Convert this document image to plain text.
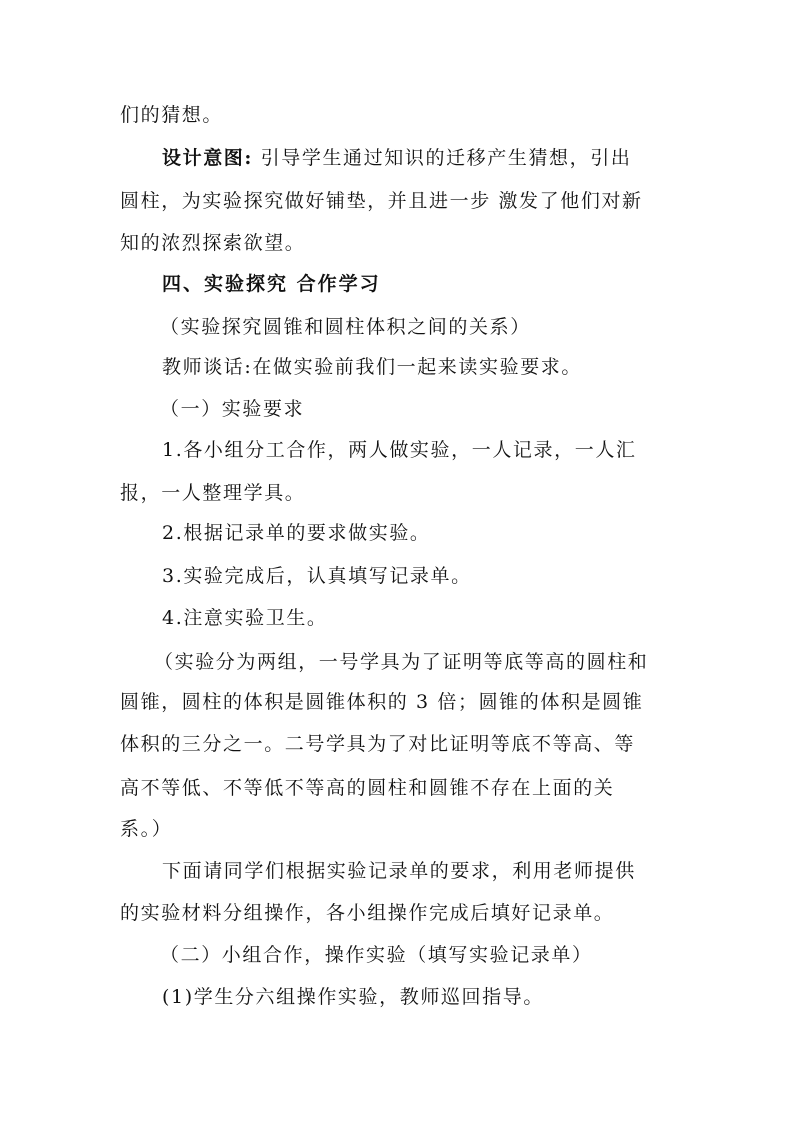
们的猜想。
设计意图: 引导学生通过知识的迁移产生猜想，引出
圆柱，为实验探究做好铺垫，并且进一步 激发了他们对新
知的浓烈探索欲望。
四、实验探究 合作学习
（实验探究圆锥和圆柱体积之间的关系）
教师谈话:在做实验前我们一起来读实验要求。
（一）实验要求
1.各小组分工合作，两人做实验，一人记录，一人汇
报，一人整理学具。
2.根据记录单的要求做实验。
3.实验完成后，认真填写记录单。
4.注意实验卫生。
（实验分为两组，一号学具为了证明等底等高的圆柱和
圆锥，圆柱的体积是圆锥体积的 3 倍；圆锥的体积是圆锥
体积的三分之一。二号学具为了对比证明等底不等高、等
高不等低、不等低不等高的圆柱和圆锥不存在上面的关
系。）
下面请同学们根据实验记录单的要求，利用老师提供
的实验材料分组操作，各小组操作完成后填好记录单。
（二）小组合作，操作实验（填写实验记录单）
(1)学生分六组操作实验，教师巡回指导。
